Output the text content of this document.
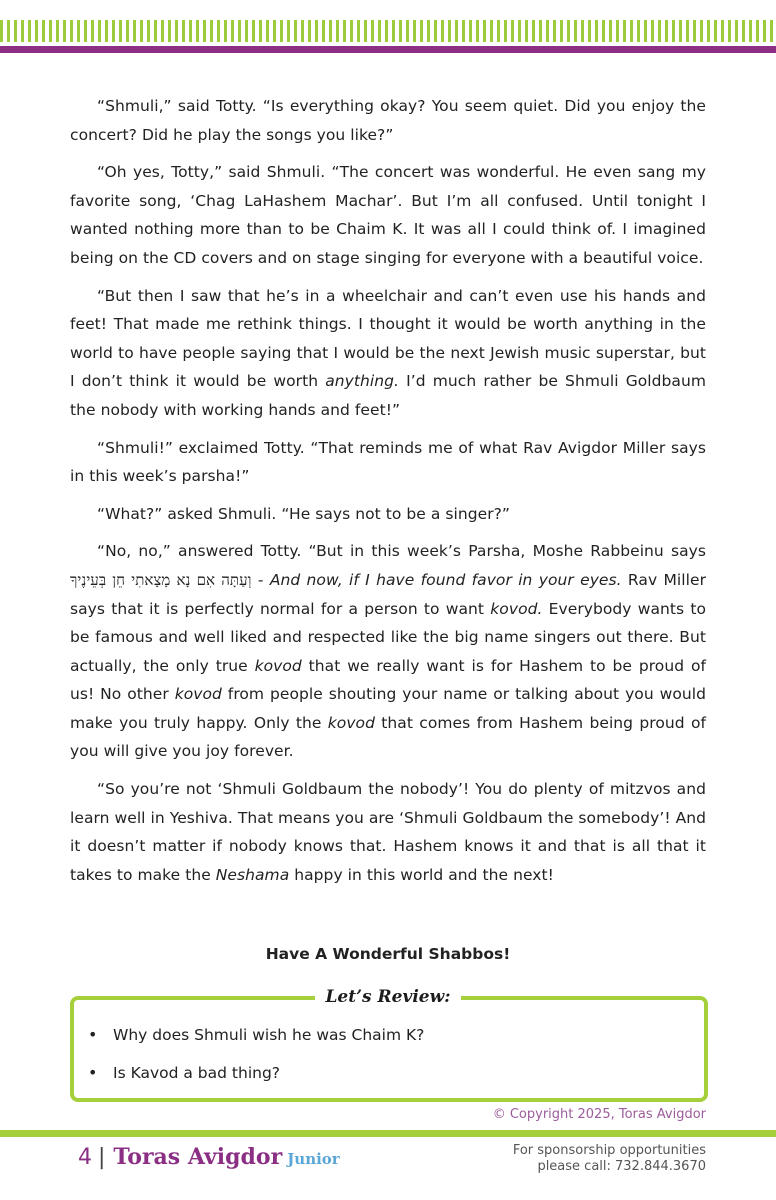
“Shmuli,” said Totty. “Is everything okay? You seem quiet. Did you enjoy the concert? Did he play the songs you like?”

“Oh yes, Totty,” said Shmuli. “The concert was wonderful. He even sang my favorite song, ‘Chag LaHashem Machar’. But I’m all confused. Until tonight I wanted nothing more than to be Chaim K. It was all I could think of. I imagined being on the CD covers and on stage singing for everyone with a beautiful voice.

“But then I saw that he’s in a wheelchair and can’t even use his hands and feet! That made me rethink things. I thought it would be worth anything in the world to have people saying that I would be the next Jewish music superstar, but I don’t think it would be worth anything. I’d much rather be Shmuli Goldbaum the nobody with working hands and feet!”

“Shmuli!” exclaimed Totty. “That reminds me of what Rav Avigdor Miller says in this week’s parsha!”

“What?” asked Shmuli. “He says not to be a singer?”

“No, no,” answered Totty. “But in this week’s Parsha, Moshe Rabbeinu says וְעַתָּה אִם נָא מָצָאתִי חֵן בְּעֵינֶיךָ - And now, if I have found favor in your eyes. Rav Miller says that it is perfectly normal for a person to want kovod. Everybody wants to be famous and well liked and respected like the big name singers out there. But actually, the only true kovod that we really want is for Hashem to be proud of us! No other kovod from people shouting your name or talking about you would make you truly happy. Only the kovod that comes from Hashem being proud of you will give you joy forever.

“So you’re not ‘Shmuli Goldbaum the nobody’! You do plenty of mitzvos and learn well in Yeshiva. That means you are ‘Shmuli Goldbaum the somebody’! And it doesn’t matter if nobody knows that. Hashem knows it and that is all that it takes to make the Neshama happy in this world and the next!

Have A Wonderful Shabbos!
Let’s Review:
• Why does Shmuli wish he was Chaim K?
• Is Kavod a bad thing?
© Copyright 2025, Toras Avigdor
4 | Toras Avigdor Junior	For sponsorship opportunities
please call: 732.844.3670
